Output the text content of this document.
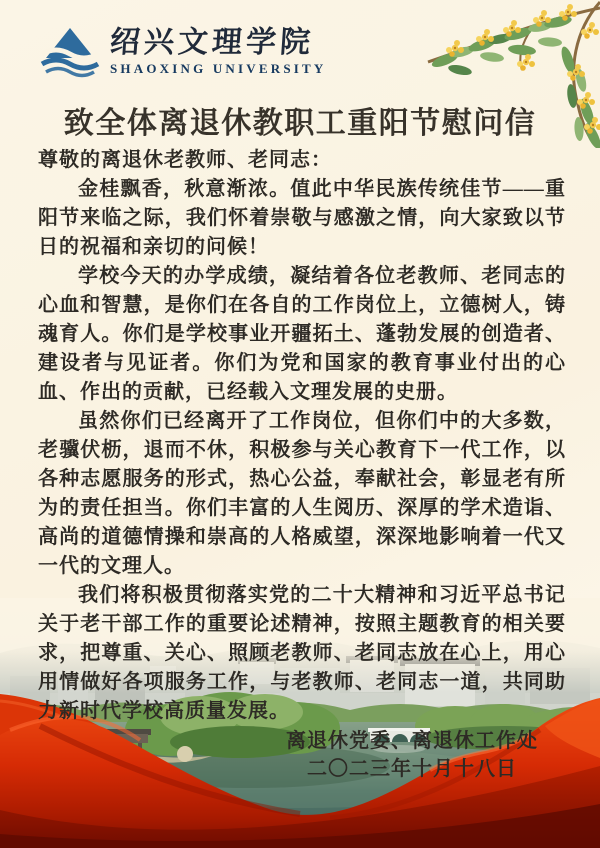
绍兴文理学院
SHAOXING UNIVERSITY
致全体离退休教职工重阳节慰问信

尊敬的离退休老教师、老同志：

金桂飘香，秋意渐浓。值此中华民族传统佳节——重阳节来临之际，我们怀着崇敬与感激之情，向大家致以节日的祝福和亲切的问候！

学校今天的办学成绩，凝结着各位老教师、老同志的心血和智慧，是你们在各自的工作岗位上，立德树人，铸魂育人。你们是学校事业开疆拓土、蓬勃发展的创造者、建设者与见证者。你们为党和国家的教育事业付出的心血、作出的贡献，已经载入文理发展的史册。

虽然你们已经离开了工作岗位，但你们中的大多数，老骥伏枥，退而不休，积极参与关心教育下一代工作，以各种志愿服务的形式，热心公益，奉献社会，彰显老有所为的责任担当。你们丰富的人生阅历、深厚的学术造诣、高尚的道德情操和崇高的人格威望，深深地影响着一代又一代的文理人。

我们将积极贯彻落实党的二十大精神和习近平总书记关于老干部工作的重要论述精神，按照主题教育的相关要求，把尊重、关心、照顾老教师、老同志放在心上，用心用情做好各项服务工作，与老教师、老同志一道，共同助力新时代学校高质量发展。

离退休党委、离退休工作处
二〇二三年十月十八日
